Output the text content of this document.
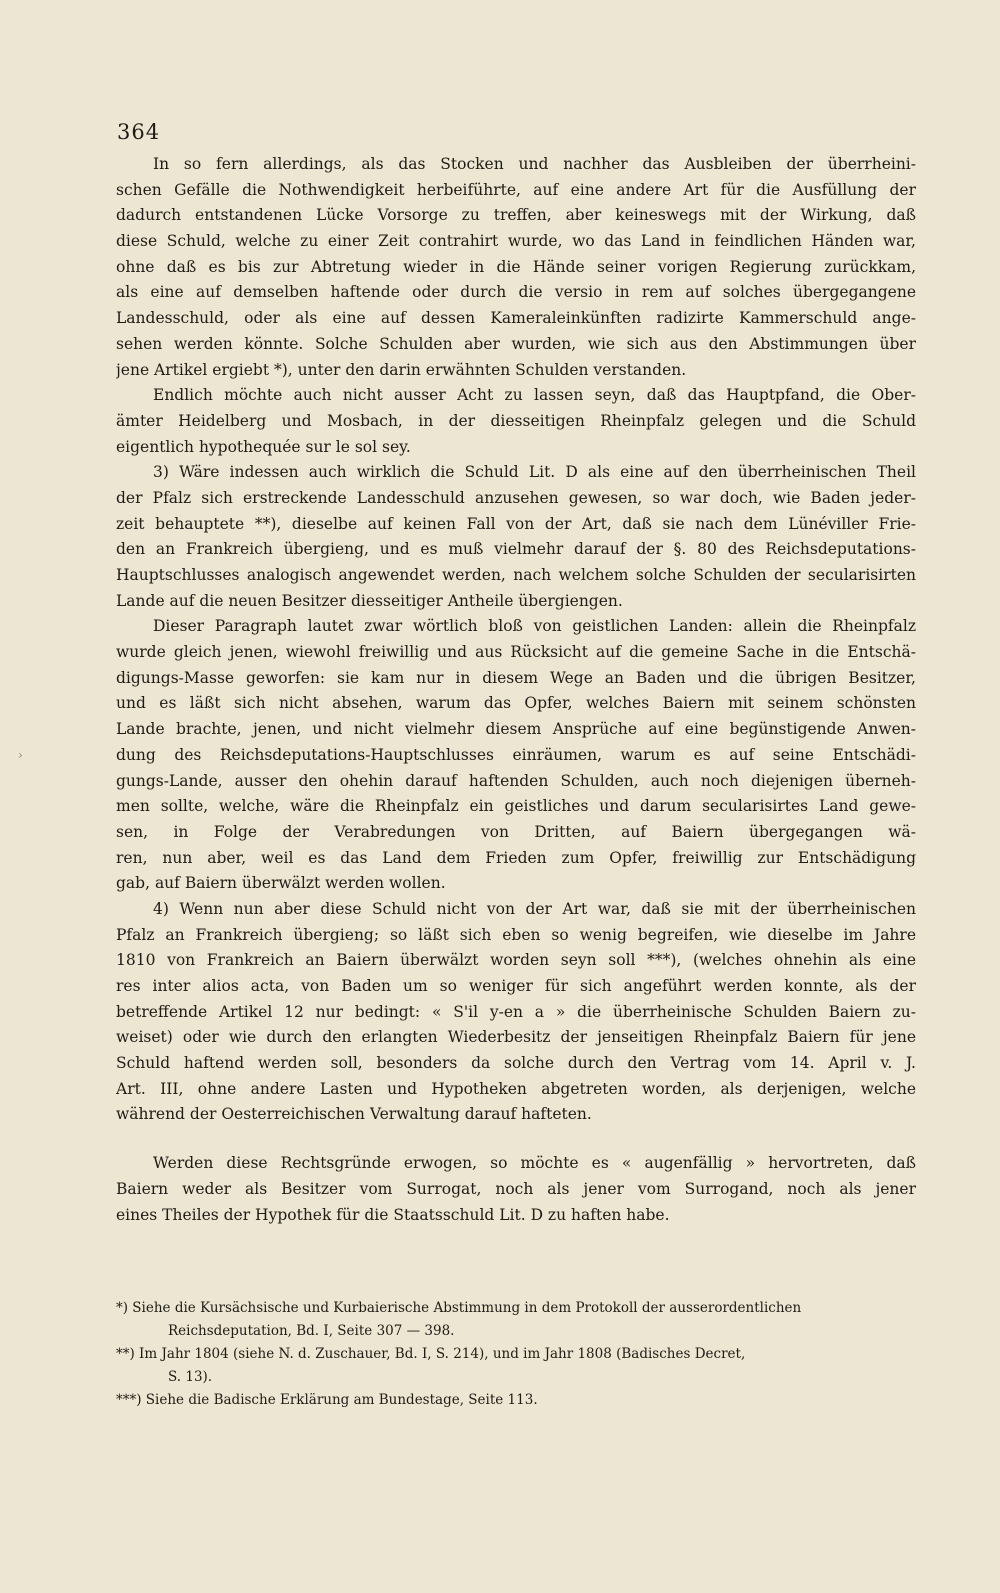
364
›
In so fern allerdings, als das Stocken und nachher das Ausbleiben der überrheini-
schen Gefälle die Nothwendigkeit herbeiführte, auf eine andere Art für die Ausfüllung der
dadurch entstandenen Lücke Vorsorge zu treffen, aber keineswegs mit der Wirkung, daß
diese Schuld, welche zu einer Zeit contrahirt wurde, wo das Land in feindlichen Händen war,
ohne daß es bis zur Abtretung wieder in die Hände seiner vorigen Regierung zurückkam,
als eine auf demselben haftende oder durch die versio in rem auf solches übergegangene
Landesschuld, oder als eine auf dessen Kameraleinkünften radizirte Kammerschuld ange-
sehen werden könnte. Solche Schulden aber wurden, wie sich aus den Abstimmungen über
jene Artikel ergiebt *), unter den darin erwähnten Schulden verstanden.
Endlich möchte auch nicht ausser Acht zu lassen seyn, daß das Hauptpfand, die Ober-
ämter Heidelberg und Mosbach, in der diesseitigen Rheinpfalz gelegen und die Schuld
eigentlich hypothequée sur le sol sey.
3) Wäre indessen auch wirklich die Schuld Lit. D als eine auf den überrheinischen Theil
der Pfalz sich erstreckende Landesschuld anzusehen gewesen, so war doch, wie Baden jeder-
zeit behauptete **), dieselbe auf keinen Fall von der Art, daß sie nach dem Lünéviller Frie-
den an Frankreich übergieng, und es muß vielmehr darauf der §. 80 des Reichsdeputations-
Hauptschlusses analogisch angewendet werden, nach welchem solche Schulden der secularisirten
Lande auf die neuen Besitzer diesseitiger Antheile übergiengen.
Dieser Paragraph lautet zwar wörtlich bloß von geistlichen Landen: allein die Rheinpfalz
wurde gleich jenen, wiewohl freiwillig und aus Rücksicht auf die gemeine Sache in die Entschä-
digungs-Masse geworfen: sie kam nur in diesem Wege an Baden und die übrigen Besitzer,
und es läßt sich nicht absehen, warum das Opfer, welches Baiern mit seinem schönsten
Lande brachte, jenen, und nicht vielmehr diesem Ansprüche auf eine begünstigende Anwen-
dung des Reichsdeputations-Hauptschlusses einräumen, warum es auf seine Entschädi-
gungs-Lande, ausser den ohehin darauf haftenden Schulden, auch noch diejenigen überneh-
men sollte, welche, wäre die Rheinpfalz ein geistliches und darum secularisirtes Land gewe-
sen, in Folge der Verabredungen von Dritten, auf Baiern übergegangen wä-
ren, nun aber, weil es das Land dem Frieden zum Opfer, freiwillig zur Entschädigung
gab, auf Baiern überwälzt werden wollen.
4) Wenn nun aber diese Schuld nicht von der Art war, daß sie mit der überrheinischen
Pfalz an Frankreich übergieng; so läßt sich eben so wenig begreifen, wie dieselbe im Jahre
1810 von Frankreich an Baiern überwälzt worden seyn soll ***), (welches ohnehin als eine
res inter alios acta, von Baden um so weniger für sich angeführt werden konnte, als der
betreffende Artikel 12 nur bedingt: « S'il y-en a » die überrheinische Schulden Baiern zu-
weiset) oder wie durch den erlangten Wiederbesitz der jenseitigen Rheinpfalz Baiern für jene
Schuld haftend werden soll, besonders da solche durch den Vertrag vom 14. April v. J.
Art. III, ohne andere Lasten und Hypotheken abgetreten worden, als derjenigen, welche
während der Oesterreichischen Verwaltung darauf hafteten.
Werden diese Rechtsgründe erwogen, so möchte es « augenfällig » hervortreten, daß
Baiern weder als Besitzer vom Surrogat, noch als jener vom Surrogand, noch als jener
eines Theiles der Hypothek für die Staatsschuld Lit. D zu haften habe.
*) Siehe die Kursächsische und Kurbaierische Abstimmung in dem Protokoll der ausserordentlichen
Reichsdeputation, Bd. I, Seite 307 — 398.
**) Im Jahr 1804 (siehe N. d. Zuschauer, Bd. I, S. 214), und im Jahr 1808 (Badisches Decret,
S. 13).
***) Siehe die Badische Erklärung am Bundestage, Seite 113.
